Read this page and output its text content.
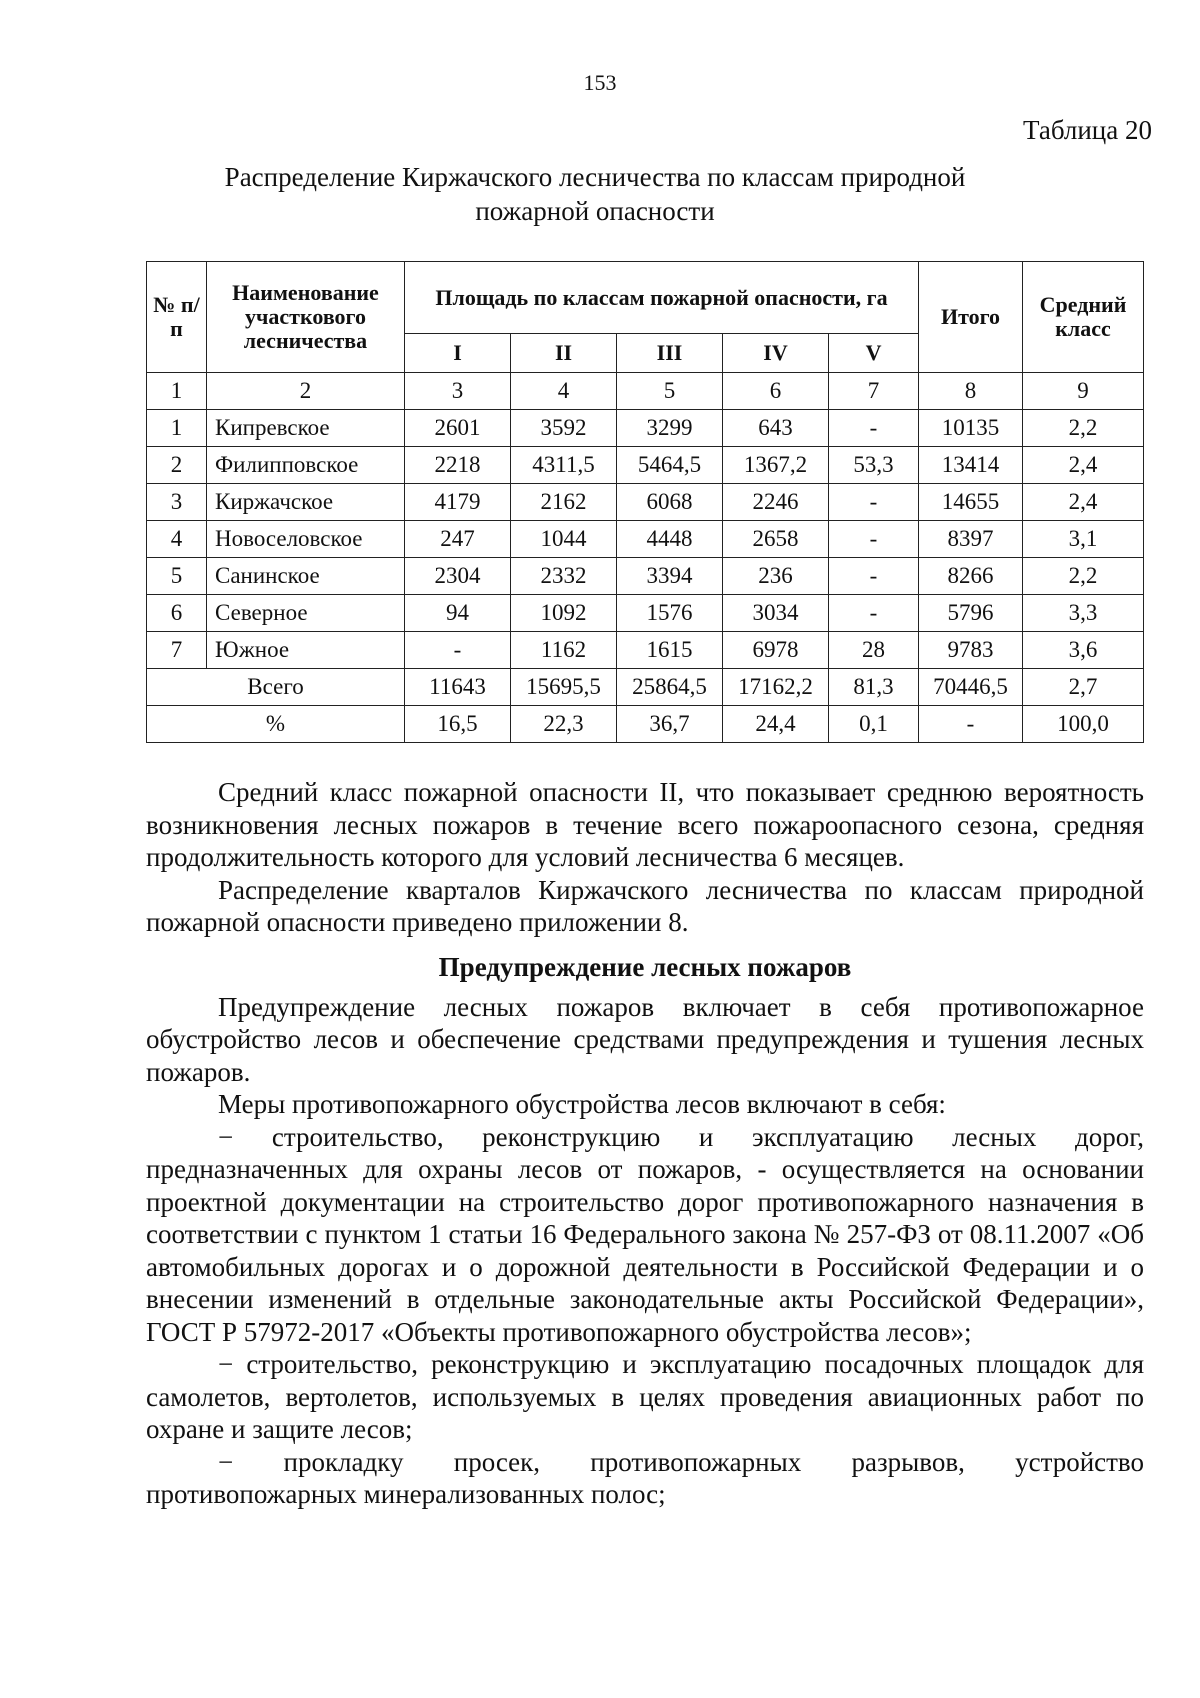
153
Таблица 20
Распределение Киржачского лесничества по классам природной пожарной опасности
№ п/п	Наименование участкового лесничества	Площадь по классам пожарной опасности, га					Итого	Средний класс
		I	II	III	IV	V		
1	2	3	4	5	6	7	8	9
1	Кипревское	2601	3592	3299	643	-	10135	2,2
2	Филипповское	2218	4311,5	5464,5	1367,2	53,3	13414	2,4
3	Киржачское	4179	2162	6068	2246	-	14655	2,4
4	Новоселовское	247	1044	4448	2658	-	8397	3,1
5	Санинское	2304	2332	3394	236	-	8266	2,2
6	Северное	94	1092	1576	3034	-	5796	3,3
7	Южное	-	1162	1615	6978	28	9783	3,6
Всего		11643	15695,5	25864,5	17162,2	81,3	70446,5	2,7
%		16,5	22,3	36,7	24,4	0,1	-	100,0

Средний класс пожарной опасности II, что показывает среднюю вероятность возникновения лесных пожаров в течение всего пожароопасного сезона, средняя продолжительность которого для условий лесничества 6 месяцев.

Распределение кварталов Киржачского лесничества по классам природной пожарной опасности приведено приложении 8.

Предупреждение лесных пожаров

Предупреждение лесных пожаров включает в себя противопожарное обустройство лесов и обеспечение средствами предупреждения и тушения лесных пожаров.

Меры противопожарного обустройства лесов включают в себя:

− строительство, реконструкцию и эксплуатацию лесных дорог, предназначенных для охраны лесов от пожаров, - осуществляется на основании проектной документации на строительство дорог противопожарного назначения в соответствии с пунктом 1 статьи 16 Федерального закона № 257-ФЗ от 08.11.2007 «Об автомобильных дорогах и о дорожной деятельности в Российской Федерации и о внесении изменений в отдельные законодательные акты Российской Федерации», ГОСТ Р 57972-2017 «Объекты противопожарного обустройства лесов»;

− строительство, реконструкцию и эксплуатацию посадочных площадок для самолетов, вертолетов, используемых в целях проведения авиационных работ по охране и защите лесов;

− прокладку просек, противопожарных разрывов, устройство противопожарных минерализованных полос;
